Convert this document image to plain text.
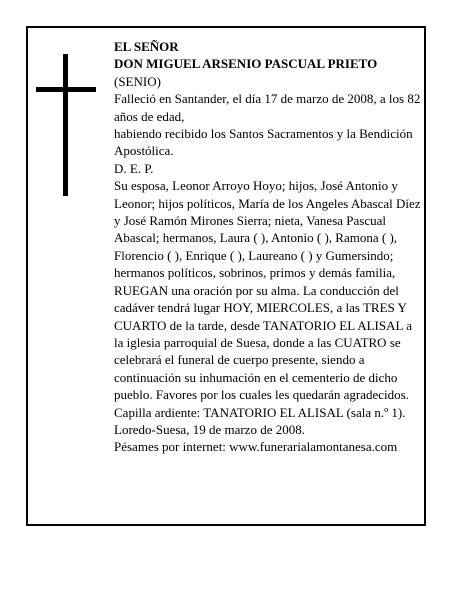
EL SEÑOR

DON MIGUEL ARSENIO PASCUAL PRIETO

(SENIO)

Falleció en Santander, el día 17 de marzo de 2008, a los 82 años de edad,

habiendo recibido los Santos Sacramentos y la Bendición Apostólica.

D. E. P.

Su esposa, Leonor Arroyo Hoyo; hijos, José Antonio y Leonor; hijos políticos, María de los Angeles Abascal Díez y José Ramón Mirones Sierra; nieta, Vanesa Pascual Abascal; hermanos, Laura ( ), Antonio ( ), Ramona ( ), Florencio ( ), Enrique ( ), Laureano ( ) y Gumersindo; hermanos políticos, sobrinos, primos y demás familia,

RUEGAN una oración por su alma. La conducción del cadáver tendrá lugar HOY, MIERCOLES, a las TRES Y CUARTO de la tarde, desde TANATORIO EL ALISAL a la iglesia parroquial de Suesa, donde a las CUATRO se celebrará el funeral de cuerpo presente, siendo a continuación su inhumación en el cementerio de dicho pueblo. Favores por los cuales les quedarán agradecidos. Capilla ardiente: TANATORIO EL ALISAL (sala n.º 1).

Loredo-Suesa, 19 de marzo de 2008.

Pésames por internet: www.funerarialamontanesa.com
